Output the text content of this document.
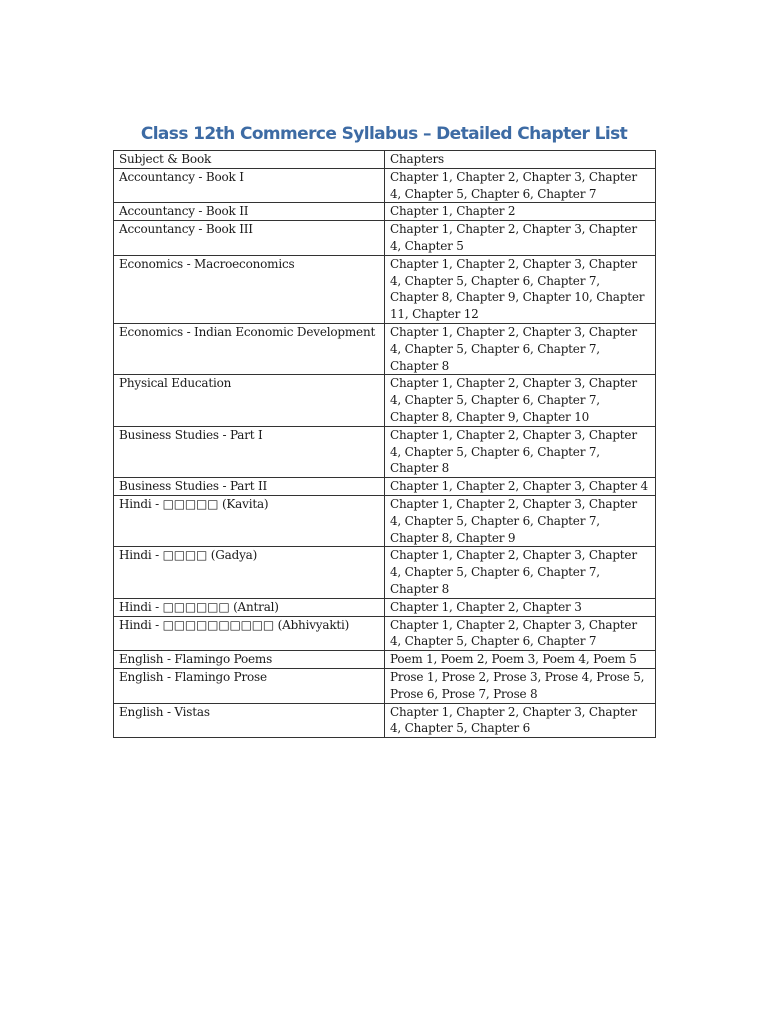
Class 12th Commerce Syllabus – Detailed Chapter List
Subject & Book	Chapters
Accountancy - Book I	Chapter 1, Chapter 2, Chapter 3, Chapter 4, Chapter 5, Chapter 6, Chapter 7
Accountancy - Book II	Chapter 1, Chapter 2
Accountancy - Book III	Chapter 1, Chapter 2, Chapter 3, Chapter 4, Chapter 5
Economics - Macroeconomics	Chapter 1, Chapter 2, Chapter 3, Chapter 4, Chapter 5, Chapter 6, Chapter 7, Chapter 8, Chapter 9, Chapter 10, Chapter 11, Chapter 12
Economics - Indian Economic Development	Chapter 1, Chapter 2, Chapter 3, Chapter 4, Chapter 5, Chapter 6, Chapter 7, Chapter 8
Physical Education	Chapter 1, Chapter 2, Chapter 3, Chapter 4, Chapter 5, Chapter 6, Chapter 7, Chapter 8, Chapter 9, Chapter 10
Business Studies - Part I	Chapter 1, Chapter 2, Chapter 3, Chapter 4, Chapter 5, Chapter 6, Chapter 7, Chapter 8
Business Studies - Part II	Chapter 1, Chapter 2, Chapter 3, Chapter 4
Hindi - □□□□□ (Kavita)	Chapter 1, Chapter 2, Chapter 3, Chapter 4, Chapter 5, Chapter 6, Chapter 7, Chapter 8, Chapter 9
Hindi - □□□□ (Gadya)	Chapter 1, Chapter 2, Chapter 3, Chapter 4, Chapter 5, Chapter 6, Chapter 7, Chapter 8
Hindi - □□□□□□ (Antral)	Chapter 1, Chapter 2, Chapter 3
Hindi - □□□□□□□□□□ (Abhivyakti)	Chapter 1, Chapter 2, Chapter 3, Chapter 4, Chapter 5, Chapter 6, Chapter 7
English - Flamingo Poems	Poem 1, Poem 2, Poem 3, Poem 4, Poem 5
English - Flamingo Prose	Prose 1, Prose 2, Prose 3, Prose 4, Prose 5, Prose 6, Prose 7, Prose 8
English - Vistas	Chapter 1, Chapter 2, Chapter 3, Chapter 4, Chapter 5, Chapter 6
